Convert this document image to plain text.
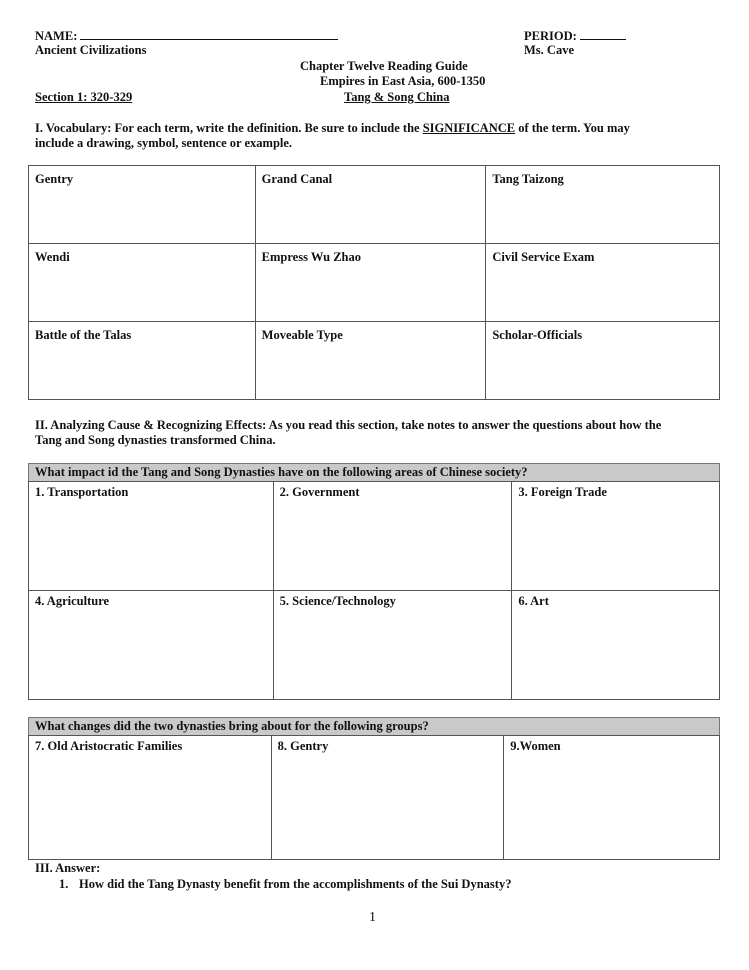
NAME:	PERIOD:
Ancient Civilizations	Ms. Cave
Chapter Twelve Reading Guide
Empires in East Asia, 600-1350
Section 1: 320-329	Tang & Song China
I. Vocabulary: For each term, write the definition. Be sure to include the SIGNIFICANCE of the term. You may
include a drawing, symbol, sentence or example.
Gentry	Grand Canal	Tang Taizong
Wendi	Empress Wu Zhao	Civil Service Exam
Battle of the Talas	Moveable Type	Scholar-Officials
II. Analyzing Cause & Recognizing Effects: As you read this section, take notes to answer the questions about how the
Tang and Song dynasties transformed China.
What impact id the Tang and Song Dynasties have on the following areas of Chinese society?
1. Transportation	2. Government	3. Foreign Trade
4. Agriculture	5. Science/Technology	6. Art
What changes did the two dynasties bring about for the following groups?
7. Old Aristocratic Families	8. Gentry	9.Women
III. Answer:
1. How did the Tang Dynasty benefit from the accomplishments of the Sui Dynasty?
1
